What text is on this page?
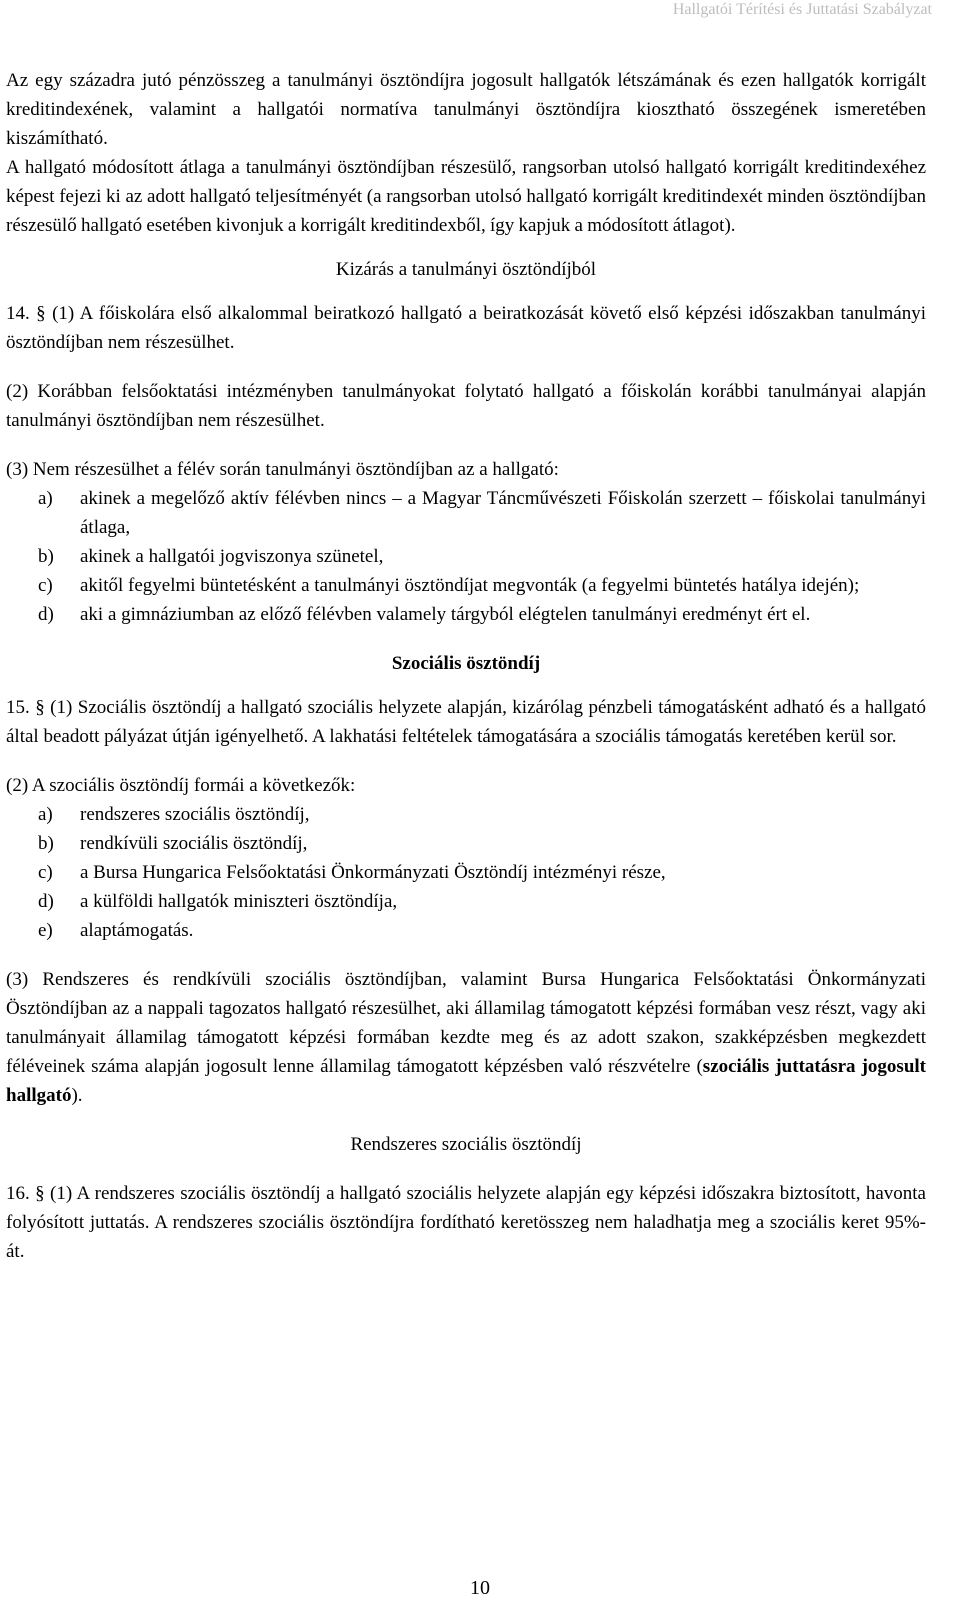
Hallgatói Térítési és Juttatási Szabályzat

Az egy századra jutó pénzösszeg a tanulmányi ösztöndíjra jogosult hallgatók létszámának és ezen hallgatók korrigált kreditindexének, valamint a hallgatói normatíva tanulmányi ösztöndíjra kiosztható összegének ismeretében kiszámítható.

A hallgató módosított átlaga a tanulmányi ösztöndíjban részesülő, rangsorban utolsó hallgató korrigált kreditindexéhez képest fejezi ki az adott hallgató teljesítményét (a rangsorban utolsó hallgató korrigált kreditindexét minden ösztöndíjban részesülő hallgató esetében kivonjuk a korrigált kreditindexből, így kapjuk a módosított átlagot).

Kizárás a tanulmányi ösztöndíjból

14. § (1) A főiskolára első alkalommal beiratkozó hallgató a beiratkozását követő első képzési időszakban tanulmányi ösztöndíjban nem részesülhet.

(2) Korábban felsőoktatási intézményben tanulmányokat folytató hallgató a főiskolán korábbi tanulmányai alapján tanulmányi ösztöndíjban nem részesülhet.

(3) Nem részesülhet a félév során tanulmányi ösztöndíjban az a hallgató:

a)	akinek a megelőző aktív félévben nincs – a Magyar Táncművészeti Főiskolán szerzett – főiskolai tanulmányi átlaga,
b)	akinek a hallgatói jogviszonya szünetel,
c)	akitől fegyelmi büntetésként a tanulmányi ösztöndíjat megvonták (a fegyelmi büntetés hatálya idején);
d)	aki a gimnáziumban az előző félévben valamely tárgyból elégtelen tanulmányi eredményt ért el.
Szociális ösztöndíj

15. § (1) Szociális ösztöndíj a hallgató szociális helyzete alapján, kizárólag pénzbeli támogatásként adható és a hallgató által beadott pályázat útján igényelhető. A lakhatási feltételek támogatására a szociális támogatás keretében kerül sor.

(2) A szociális ösztöndíj formái a következők:

a)	rendszeres szociális ösztöndíj,
b)	rendkívüli szociális ösztöndíj,
c)	a Bursa Hungarica Felsőoktatási Önkormányzati Ösztöndíj intézményi része,
d)	a külföldi hallgatók miniszteri ösztöndíja,
e)	alaptámogatás.

(3) Rendszeres és rendkívüli szociális ösztöndíjban, valamint Bursa Hungarica Felsőoktatási Önkormányzati Ösztöndíjban az a nappali tagozatos hallgató részesülhet, aki államilag támogatott képzési formában vesz részt, vagy aki tanulmányait államilag támogatott képzési formában kezdte meg és az adott szakon, szakképzésben megkezdett féléveinek száma alapján jogosult lenne államilag támogatott képzésben való részvételre (szociális juttatásra jogosult hallgató).

Rendszeres szociális ösztöndíj

16. § (1) A rendszeres szociális ösztöndíj a hallgató szociális helyzete alapján egy képzési időszakra biztosított, havonta folyósított juttatás. A rendszeres szociális ösztöndíjra fordítható keretösszeg nem haladhatja meg a szociális keret 95%-át.

10
